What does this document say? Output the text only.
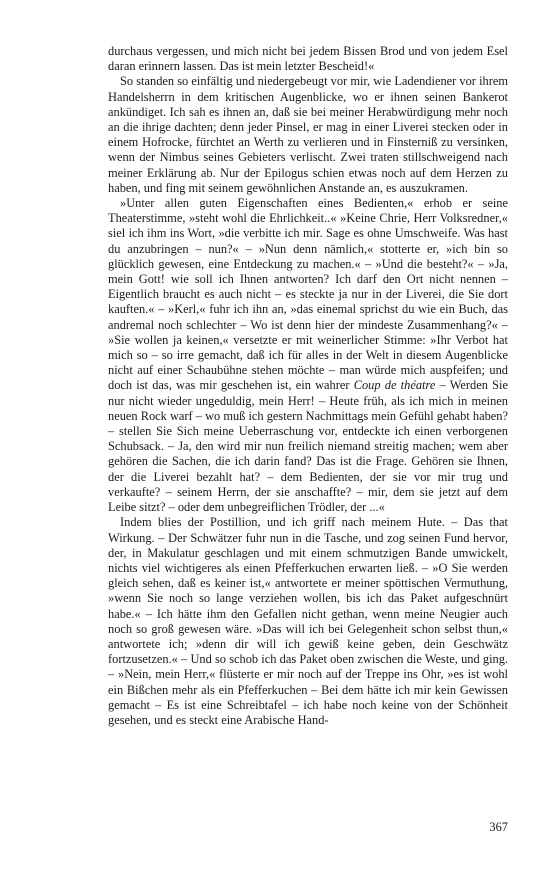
durchaus vergessen, und mich nicht bei jedem Bissen Brod und von jedem Esel daran erinnern lassen. Das ist mein letzter Bescheid!«

So standen so einfältig und niedergebeugt vor mir, wie Ladendiener vor ihrem Handelsherrn in dem kritischen Augenblicke, wo er ihnen seinen Bankerot ankündiget. Ich sah es ihnen an, daß sie bei meiner Herabwürdigung mehr noch an die ihrige dachten; denn jeder Pinsel, er mag in einer Liverei stecken oder in einem Hofrocke, fürchtet an Werth zu verlieren und in Finsterniß zu versinken, wenn der Nimbus seines Gebieters verlischt. Zwei traten stillschweigend nach meiner Erklärung ab. Nur der Epilogus schien etwas noch auf dem Herzen zu haben, und fing mit seinem gewöhnlichen Anstande an, es auszukramen.

»Unter allen guten Eigenschaften eines Bedienten,« erhob er seine Theaterstimme, »steht wohl die Ehrlichkeit..« »Keine Chrie, Herr Volksredner,« siel ich ihm ins Wort, »die verbitte ich mir. Sage es ohne Umschweife. Was hast du anzubringen – nun?« – »Nun denn nämlich,« stotterte er, »ich bin so glücklich gewesen, eine Entdeckung zu machen.« – »Und die besteht?« – »Ja, mein Gott! wie soll ich Ihnen antworten? Ich darf den Ort nicht nennen – Eigentlich braucht es auch nicht – es steckte ja nur in der Liverei, die Sie dort kauften.« – »Kerl,« fuhr ich ihn an, »das einemal sprichst du wie ein Buch, das andremal noch schlechter – Wo ist denn hier der mindeste Zusammenhang?« – »Sie wollen ja keinen,« versetzte er mit weinerlicher Stimme: »Ihr Verbot hat mich so – so irre gemacht, daß ich für alles in der Welt in diesem Augenblicke nicht auf einer Schaubühne stehen möchte – man würde mich auspfeifen; und doch ist das, was mir geschehen ist, ein wahrer Coup de théatre – Werden Sie nur nicht wieder ungeduldig, mein Herr! – Heute früh, als ich mich in meinen neuen Rock warf – wo muß ich gestern Nachmittags mein Gefühl gehabt haben? – stellen Sie Sich meine Ueberraschung vor, entdeckte ich einen verborgenen Schubsack. – Ja, den wird mir nun freilich niemand streitig machen; wem aber gehören die Sachen, die ich darin fand? Das ist die Frage. Gehören sie Ihnen, der die Liverei bezahlt hat? – dem Bedienten, der sie vor mir trug und verkaufte? – seinem Herrn, der sie anschaffte? – mir, dem sie jetzt auf dem Leibe sitzt? – oder dem unbegreiflichen Trödler, der ...«

Indem blies der Postillion, und ich griff nach meinem Hute. – Das that Wirkung. – Der Schwätzer fuhr nun in die Tasche, und zog seinen Fund hervor, der, in Makulatur geschlagen und mit einem schmutzigen Bande umwickelt, nichts viel wichtigeres als einen Pfefferkuchen erwarten ließ. – »O Sie werden gleich sehen, daß es keiner ist,« antwortete er meiner spöttischen Vermuthung, »wenn Sie noch so lange verziehen wollen, bis ich das Paket aufgeschnürt habe.« – Ich hätte ihm den Gefallen nicht gethan, wenn meine Neugier auch noch so groß gewesen wäre. »Das will ich bei Gelegenheit schon selbst thun,« antwortete ich; »denn dir will ich gewiß keine geben, dein Geschwätz fortzusetzen.« – Und so schob ich das Paket oben zwischen die Weste, und ging. – »Nein, mein Herr,« flüsterte er mir noch auf der Treppe ins Ohr, »es ist wohl ein Bißchen mehr als ein Pfefferkuchen – Bei dem hätte ich mir kein Gewissen gemacht – Es ist eine Schreibtafel – ich habe noch keine von der Schönheit gesehen, und es steckt eine Arabische Hand-

367
